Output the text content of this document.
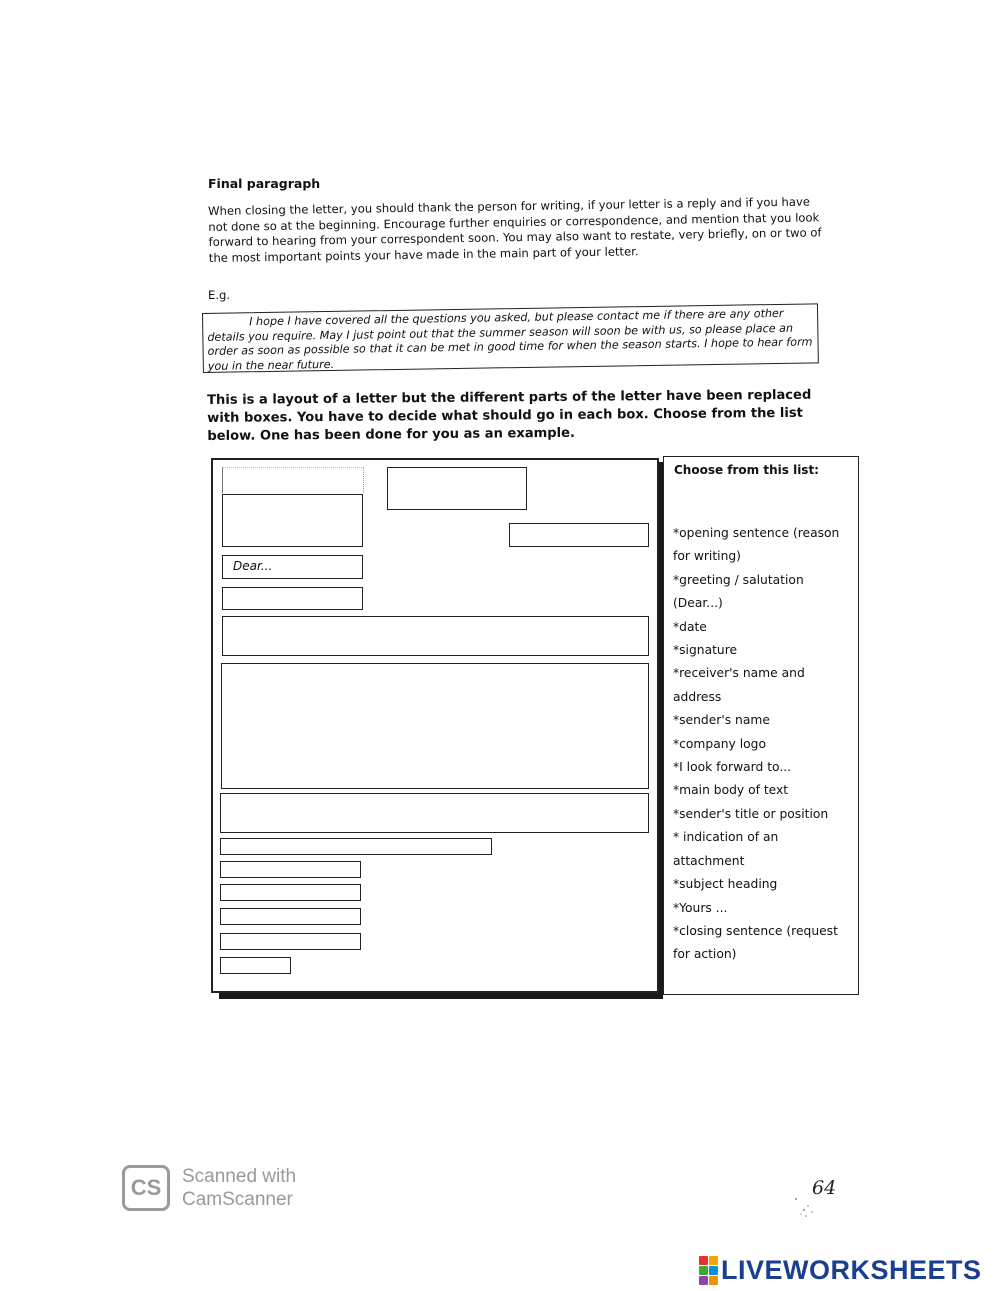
Final paragraph
When closing the letter, you should thank the person for writing, if your letter is a reply and if you have not done so at the beginning. Encourage further enquiries or correspondence, and mention that you look forward to hearing from your correspondent soon. You may also want to restate, very briefly, on or two of the most important points your have made in the main part of your letter.
E.g.
I hope I have covered all the questions you asked, but please contact me if there are any other details you require. May I just point out that the summer season will soon be with us, so please place an order as soon as possible so that it can be met in good time for when the season starts. I hope to hear form you in the near future.
This is a layout of a letter but the different parts of the letter have been replaced with boxes. You have to decide what should go in each box. Choose from the list below. One has been done for you as an example.
Dear...
Choose from this list:
*opening sentence (reason
for writing)
*greeting / salutation
(Dear...)
*date
*signature
*receiver's name and
address
*sender's name
*company logo
*I look forward to...
*main body of text
*sender's title or position
* indication of an
attachment
*subject heading
*Yours ...
*closing sentence (request
for action)
CS	Scanned with
CamScanner
64
LIVEWORKSHEETS
